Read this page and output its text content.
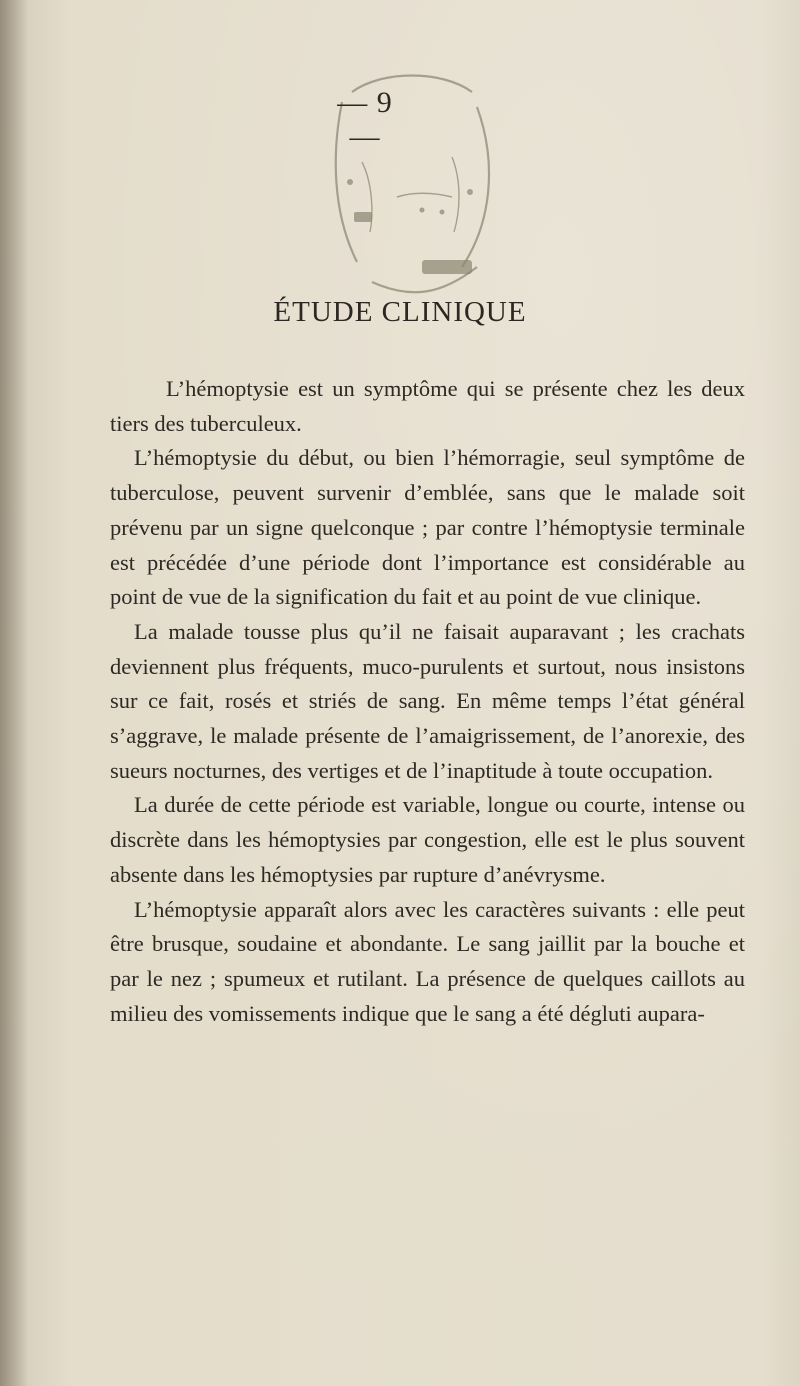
— 9 —
ÉTUDE CLINIQUE

L’hémoptysie est un symptôme qui se présente chez les deux tiers des tuberculeux.

L’hémoptysie du début, ou bien l’hémorragie, seul symptôme de tuberculose, peuvent survenir d’emblée, sans que le malade soit prévenu par un signe quelconque ; par contre l’hémoptysie terminale est précédée d’une période dont l’importance est considérable au point de vue de la signification du fait et au point de vue clinique.

La malade tousse plus qu’il ne faisait auparavant ; les crachats deviennent plus fréquents, muco-purulents et surtout, nous insistons sur ce fait, rosés et striés de sang. En même temps l’état général s’aggrave, le malade présente de l’amaigrissement, de l’anorexie, des sueurs nocturnes, des vertiges et de l’inaptitude à toute occupation.

La durée de cette période est variable, longue ou courte, intense ou discrète dans les hémoptysies par congestion, elle est le plus souvent absente dans les hémoptysies par rupture d’anévrysme.

L’hémoptysie apparaît alors avec les caractères suivants : elle peut être brusque, soudaine et abondante. Le sang jaillit par la bouche et par le nez ; spumeux et rutilant. La présence de quelques caillots au milieu des vomissements indique que le sang a été dégluti aupara-
